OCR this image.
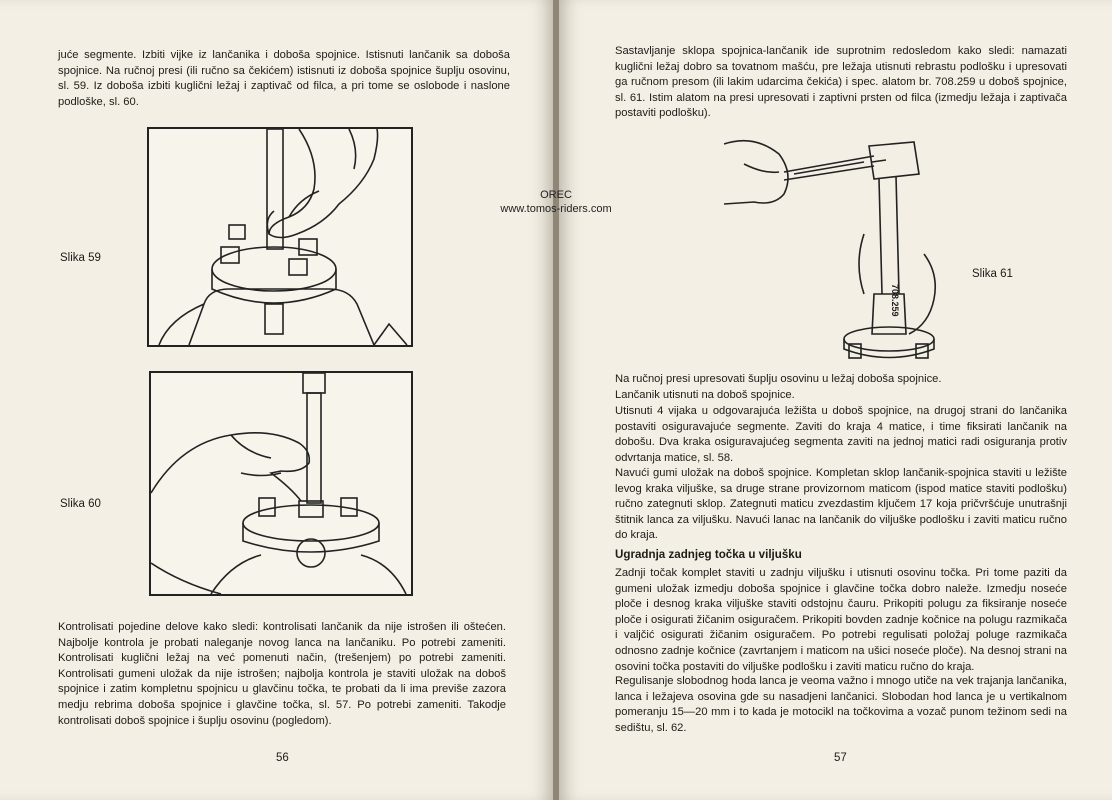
juće segmente. Izbiti vijke iz lančanika i doboša spojnice. Istisnuti lančanik sa doboša spojnice. Na ručnoj presi (ili ručno sa čekićem) istisnuti iz doboša spojnice šuplju osovinu, sl. 59. Iz doboša izbiti kuglični ležaj i zaptivač od filca, a pri tome se oslobode i naslone podloške, sl. 60.

Slika 59
Slika 60

Kontrolisati pojedine delove kako sledi: kontrolisati lančanik da nije istrošen ili oštećen. Najbolje kontrola je probati naleganje novog lanca na lančaniku. Po potrebi zameniti. Kontrolisati kuglični ležaj na već pomenuti način, (trešenjem) po potrebi zameniti. Kontrolisati gumeni uložak da nije istrošen; najbolja kontrola je staviti uložak na doboš spojnice i zatim kompletnu spojnicu u glavčinu točka, te probati da li ima previše zazora medju rebrima doboša spojnice i glavčine točka, sl. 57. Po potrebi zameniti. Takodje kontrolisati doboš spojnice i šuplju osovinu (pogledom).

56

Sastavljanje sklopa spojnica-lančanik ide suprotnim redosledom kako sledi: namazati kuglični ležaj dobro sa tovatnom mašću, pre ležaja utisnuti rebrastu podlošku i upresovati ga ručnom presom (ili lakim udarcima čekića) i spec. alatom br. 708.259 u doboš spojnice, sl. 61. Istim alatom na presi upresovati i zaptivni prsten od filca (izmedju ležaja i zaptivača postaviti podlošku).

708.259
Slika 61

Na ručnoj presi upresovati šuplju osovinu u ležaj doboša spojnice.

Lančanik utisnuti na doboš spojnice.

Utisnuti 4 vijaka u odgovarajuća ležišta u doboš spojnice, na drugoj strani do lančanika postaviti osiguravajuće segmente. Zaviti do kraja 4 matice, i time fiksirati lančanik na dobošu. Dva kraka osiguravajućeg segmenta zaviti na jednoj matici radi osiguranja protiv odvrtanja matice, sl. 58.

Navući gumi uložak na doboš spojnice. Kompletan sklop lančanik-spojnica staviti u ležište levog kraka viljuške, sa druge strane provizornom maticom (ispod matice staviti podlošku) ručno zategnuti sklop. Zategnuti maticu zvezdastim ključem 17 koja pričvršćuje unutrašnji štitnik lanca za viljušku. Navući lanac na lančanik do viljuške podlošku i zaviti maticu ručno do kraja.

Ugradnja zadnjeg točka u viljušku

Zadnji točak komplet staviti u zadnju viljušku i utisnuti osovinu točka. Pri tome paziti da gumeni uložak izmedju doboša spojnice i glavčine točka dobro naleže. Izmedju noseće ploče i desnog kraka viljuške staviti odstojnu čauru. Prikopiti polugu za fiksiranje noseće ploče i osigurati žičanim osiguračem. Prikopiti bovden zadnje kočnice na polugu razmikača i valjčić osigurati žičanim osiguračem. Po potrebi regulisati položaj poluge razmikača odnosno zadnje kočnice (zavrtanjem i maticom na ušici noseće ploče). Na desnoj strani na osovini točka postaviti do viljuške podlošku i zaviti maticu ručno do kraja.

Regulisanje slobodnog hoda lanca je veoma važno i mnogo utiče na vek trajanja lančanika, lanca i ležajeva osovina gde su nasadjeni lančanici. Slobodan hod lanca je u vertikalnom pomeranju 15—20 mm i to kada je motocikl na točkovima a vozač punom težinom sedi na sedištu, sl. 62.

57
OREC
www.tomos-riders.com
